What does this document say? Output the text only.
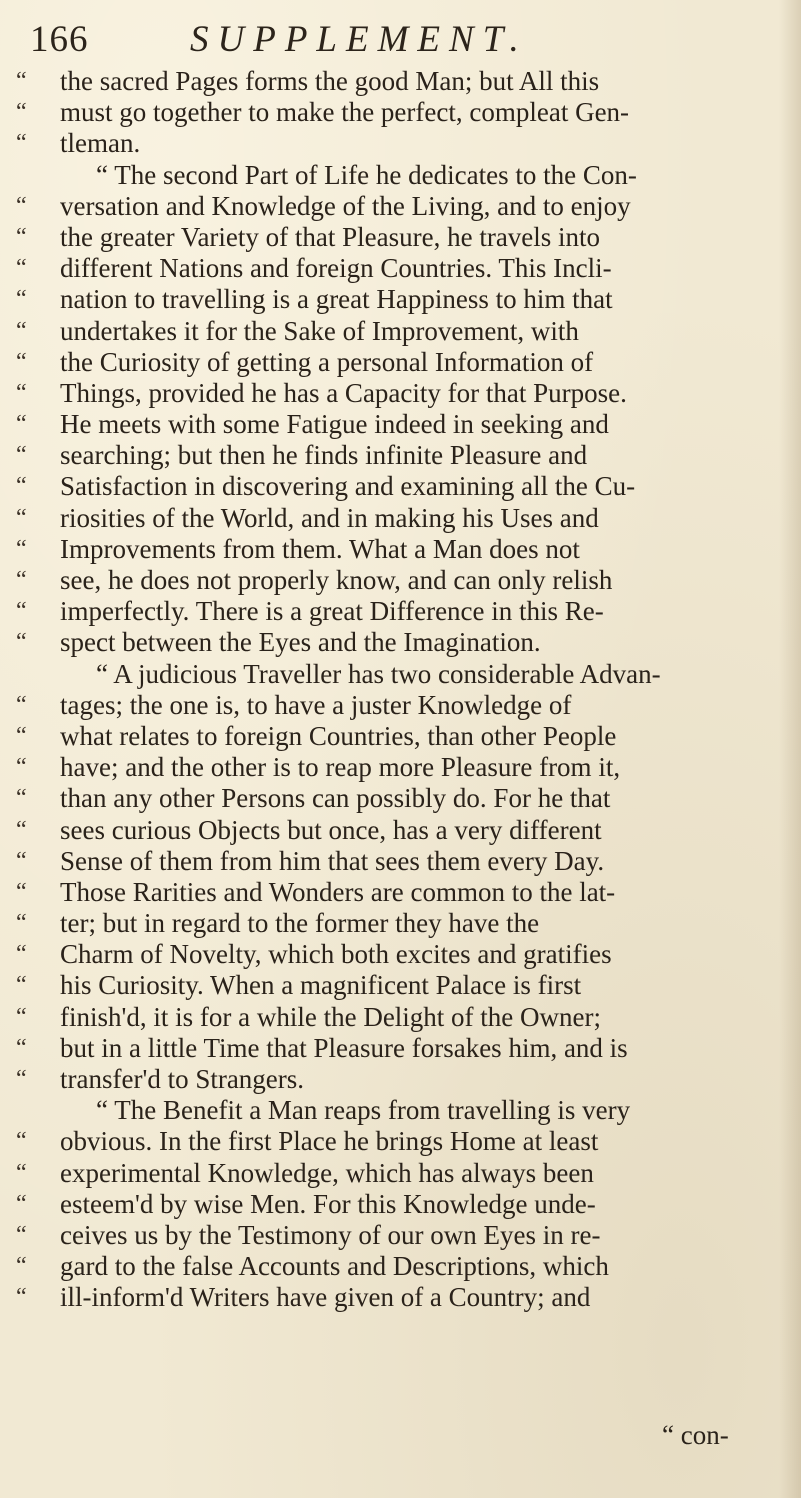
166	SUPPLEMENT.
“	the sacred Pages forms the good Man; but All this
“	must go together to make the perfect, compleat Gen-
“	tleman.
“ The second Part of Life he dedicates to the Con-
“	versation and Knowledge of the Living, and to enjoy
“	the greater Variety of that Pleasure, he travels into
“	different Nations and foreign Countries. This Incli-
“	nation to travelling is a great Happiness to him that
“	undertakes it for the Sake of Improvement, with
“	the Curiosity of getting a personal Information of
“	Things, provided he has a Capacity for that Purpose.
“	He meets with some Fatigue indeed in seeking and
“	searching; but then he finds infinite Pleasure and
“	Satisfaction in discovering and examining all the Cu-
“	riosities of the World, and in making his Uses and
“	Improvements from them. What a Man does not
“	see, he does not properly know, and can only relish
“	imperfectly. There is a great Difference in this Re-
“	spect between the Eyes and the Imagination.
“ A judicious Traveller has two considerable Advan-
“	tages; the one is, to have a juster Knowledge of
“	what relates to foreign Countries, than other People
“	have; and the other is to reap more Pleasure from it,
“	than any other Persons can possibly do. For he that
“	sees curious Objects but once, has a very different
“	Sense of them from him that sees them every Day.
“	Those Rarities and Wonders are common to the lat-
“	ter; but in regard to the former they have the
“	Charm of Novelty, which both excites and gratifies
“	his Curiosity. When a magnificent Palace is first
“	finish'd, it is for a while the Delight of the Owner;
“	but in a little Time that Pleasure forsakes him, and is
“	transfer'd to Strangers.
“ The Benefit a Man reaps from travelling is very
“	obvious. In the first Place he brings Home at least
“	experimental Knowledge, which has always been
“	esteem'd by wise Men. For this Knowledge unde-
“	ceives us by the Testimony of our own Eyes in re-
“	gard to the false Accounts and Descriptions, which
“	ill-inform'd Writers have given of a Country; and
“ con-
